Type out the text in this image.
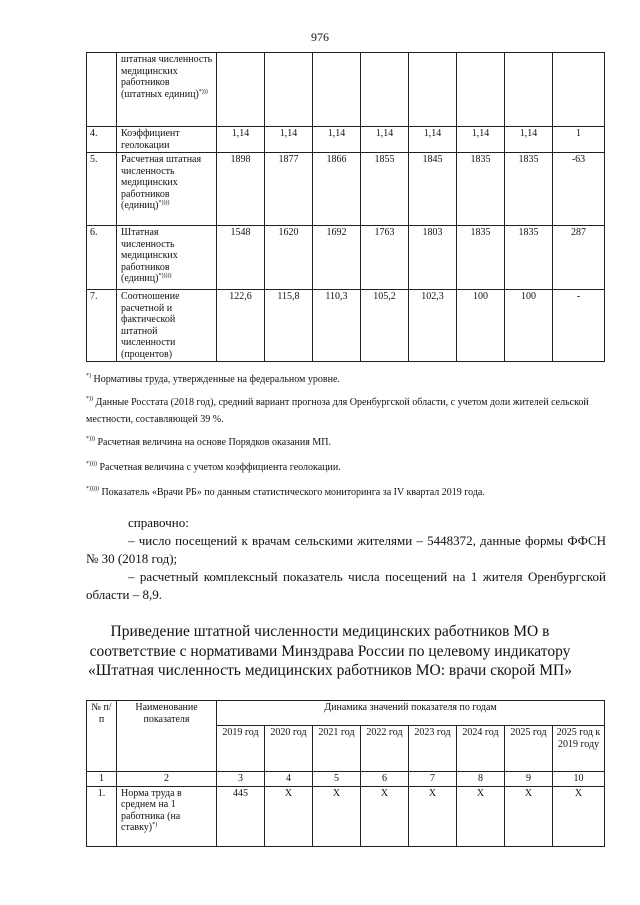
976
	штатная численность медицинских работников (штатных единиц)*)))								
4.	Коэффициент геолокации	1,14	1,14	1,14	1,14	1,14	1,14	1,14	1
5.	Расчетная штатная численность медицинских работников (единиц)*))))	1898	1877	1866	1855	1845	1835	1835	-63
6.	Штатная численность медицинских работников (единиц)*)))))	1548	1620	1692	1763	1803	1835	1835	287
7.	Соотношение расчетной и фактической штатной численности (процентов)	122,6	115,8	110,3	105,2	102,3	100	100	-
*) Нормативы труда, утвержденные на федеральном уровне.
*)) Данные Росстата (2018 год), средний вариант прогноза для Оренбургской области, с учетом доли жителей сельской местности, составляющей 39 %.
*))) Расчетная величина на основе Порядков оказания МП.
*)))) Расчетная величина с учетом коэффициента геолокации.
*))))) Показатель «Врачи РБ» по данным статистического мониторинга за IV квартал 2019 года.

справочно:

– число посещений к врачам сельскими жителями – 5448372, данные формы ФФСН № 30 (2018 год);

– расчетный комплексный показатель числа посещений на 1 жителя Оренбургской области – 8,9.

Приведение штатной численности медицинских работников МО в
соответствие с нормативами Минздрава России по целевому индикатору
«Штатная численность медицинских работников МО: врачи скорой МП»
№ п/п	Наименование показателя	Динамика значений показателя по годам							
		2019 год	2020 год	2021 год	2022 год	2023 год	2024 год	2025 год	2025 год к 2019 году
1	2	3	4	5	6	7	8	9	10
1.	Норма труда в среднем на 1 работника (на ставку)*)	445	X	X	X	X	X	X	X
